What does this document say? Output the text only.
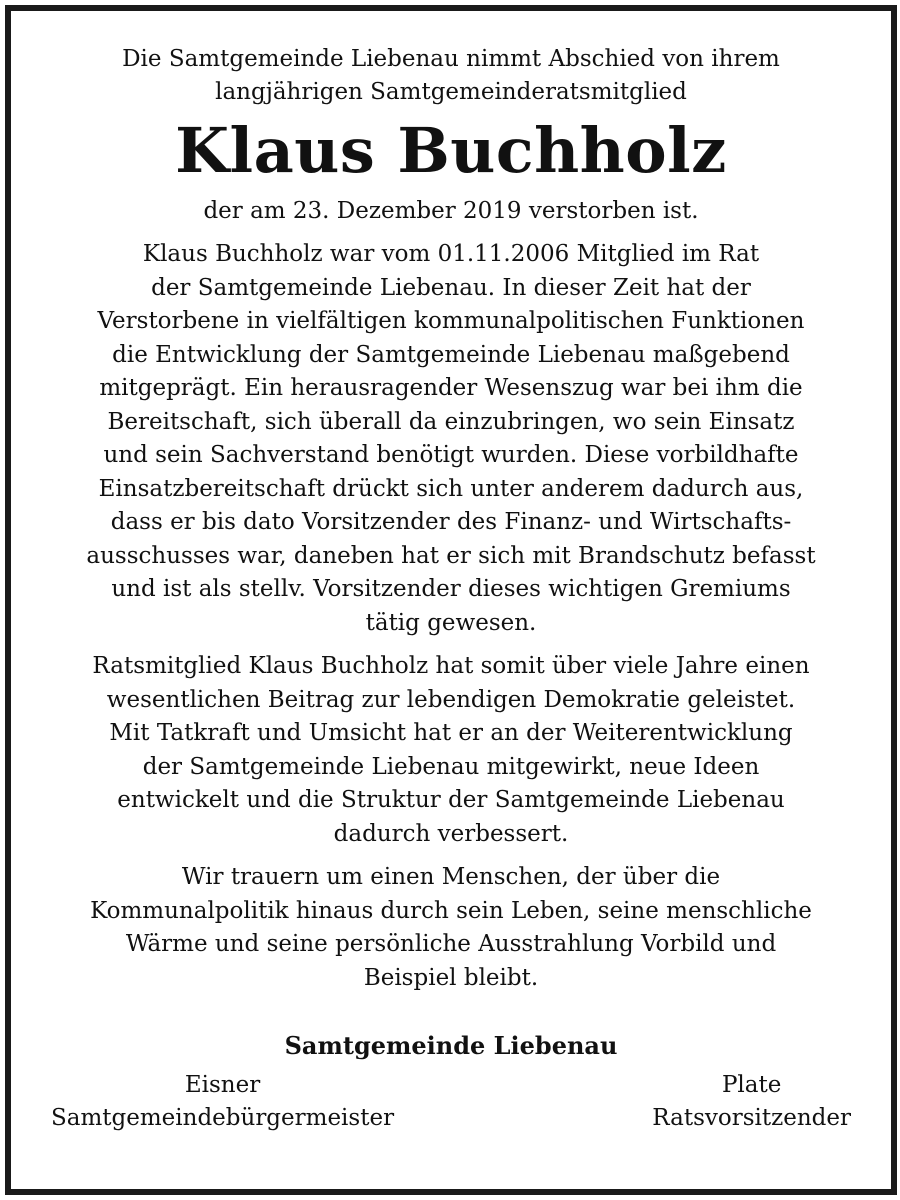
Die Samtgemeinde Liebenau nimmt Abschied von ihrem
langjährigen Samtgemeinderatsmitglied

Klaus Buchholz

der am 23. Dezember 2019 verstorben ist.

Klaus Buchholz war vom 01.11.2006 Mitglied im Rat
der Samtgemeinde Liebenau. In dieser Zeit hat der
Verstorbene in vielfältigen kommunalpolitischen Funktionen
die Entwicklung der Samtgemeinde Liebenau maßgebend
mitgeprägt. Ein herausragender Wesenszug war bei ihm die
Bereitschaft, sich überall da einzubringen, wo sein Einsatz
und sein Sachverstand benötigt wurden. Diese vorbildhafte
Einsatzbereitschaft drückt sich unter anderem dadurch aus,
dass er bis dato Vorsitzender des Finanz- und Wirtschafts-
ausschusses war, daneben hat er sich mit Brandschutz befasst
und ist als stellv. Vorsitzender dieses wichtigen Gremiums
tätig gewesen.

Ratsmitglied Klaus Buchholz hat somit über viele Jahre einen
wesentlichen Beitrag zur lebendigen Demokratie geleistet.
Mit Tatkraft und Umsicht hat er an der Weiterentwicklung
der Samtgemeinde Liebenau mitgewirkt, neue Ideen
entwickelt und die Struktur der Samtgemeinde Liebenau
dadurch verbessert.

Wir trauern um einen Menschen, der über die
Kommunalpolitik hinaus durch sein Leben, seine menschliche
Wärme und seine persönliche Ausstrahlung Vorbild und
Beispiel bleibt.

Samtgemeinde Liebenau

Eisner
Samtgemeindebürgermeister
Plate
Ratsvorsitzender
